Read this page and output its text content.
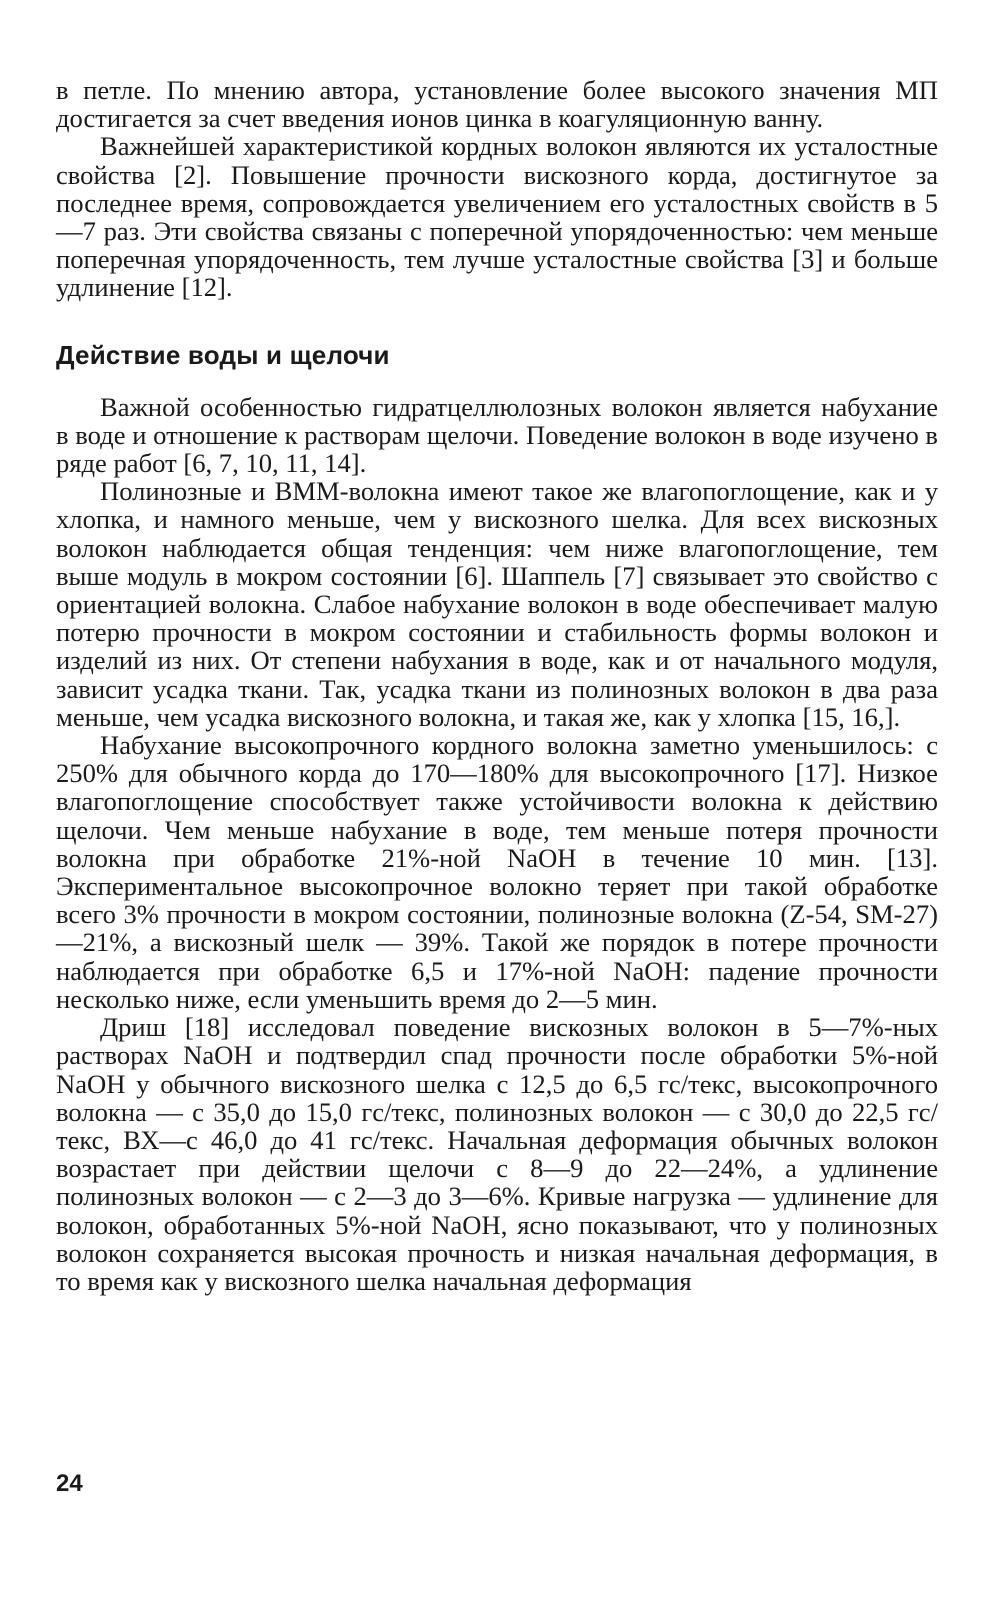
в петле. По мнению автора, установление более высокого значения МП достигается за счет введения ионов цинка в коагуляционную ванну.

Важнейшей характеристикой кордных волокон являются их усталостные свойства [2]. Повышение прочности вискозного корда, достигнутое за последнее время, сопровождается увеличением его усталостных свойств в 5—7 раз. Эти свойства связаны с поперечной упорядоченностью: чем меньше поперечная упорядоченность, тем лучше усталостные свойства [3] и больше удлинение [12].

Действие воды и щелочи

Важной особенностью гидратцеллюлозных волокон является набухание в воде и отношение к растворам щелочи. Поведение волокон в воде изучено в ряде работ [6, 7, 10, 11, 14].

Полинозные и ВММ-волокна имеют такое же влагопоглощение, как и у хлопка, и намного меньше, чем у вискозного шелка. Для всех вискозных волокон наблюдается общая тенденция: чем ниже влагопоглощение, тем выше модуль в мокром состоянии [6]. Шаппель [7] связывает это свойство с ориентацией волокна. Слабое набухание волокон в воде обеспечивает малую потерю прочности в мокром состоянии и стабильность формы волокон и изделий из них. От степени набухания в воде, как и от начального модуля, зависит усадка ткани. Так, усадка ткани из полинозных волокон в два раза меньше, чем усадка вискозного волокна, и такая же, как у хлопка [15, 16,].

Набухание высокопрочного кордного волокна заметно уменьшилось: с 250% для обычного корда до 170—180% для высокопрочного [17]. Низкое влагопоглощение способствует также устойчивости волокна к действию щелочи. Чем меньше набухание в воде, тем меньше потеря прочности волокна при обработке 21%-ной NaOH в течение 10 мин. [13]. Экспериментальное высокопрочное волокно теряет при такой обработке всего 3% прочности в мокром состоянии, полинозные волокна (Z-54, SM-27)—21%, а вискозный шелк — 39%. Такой же порядок в потере прочности наблюдается при обработке 6,5 и 17%-ной NaOH: падение прочности несколько ниже, если уменьшить время до 2—5 мин.

Дриш [18] исследовал поведение вискозных волокон в 5—7%-ных растворах NaOH и подтвердил спад прочности после обработки 5%-ной NaOH у обычного вискозного шелка с 12,5 до 6,5 гс/текс, высокопрочного волокна — с 35,0 до 15,0 гс/текс, полинозных волокон — с 30,0 до 22,5 гс/текс, ВХ—с 46,0 до 41 гс/текс. Начальная деформация обычных волокон возрастает при действии щелочи с 8—9 до 22—24%, а удлинение полинозных волокон — с 2—3 до 3—6%. Кривые нагрузка — удлинение для волокон, обработанных 5%-ной NaOH, ясно показывают, что у полинозных волокон сохраняется высокая прочность и низкая начальная деформация, в то время как у вискозного шелка начальная деформация

24
